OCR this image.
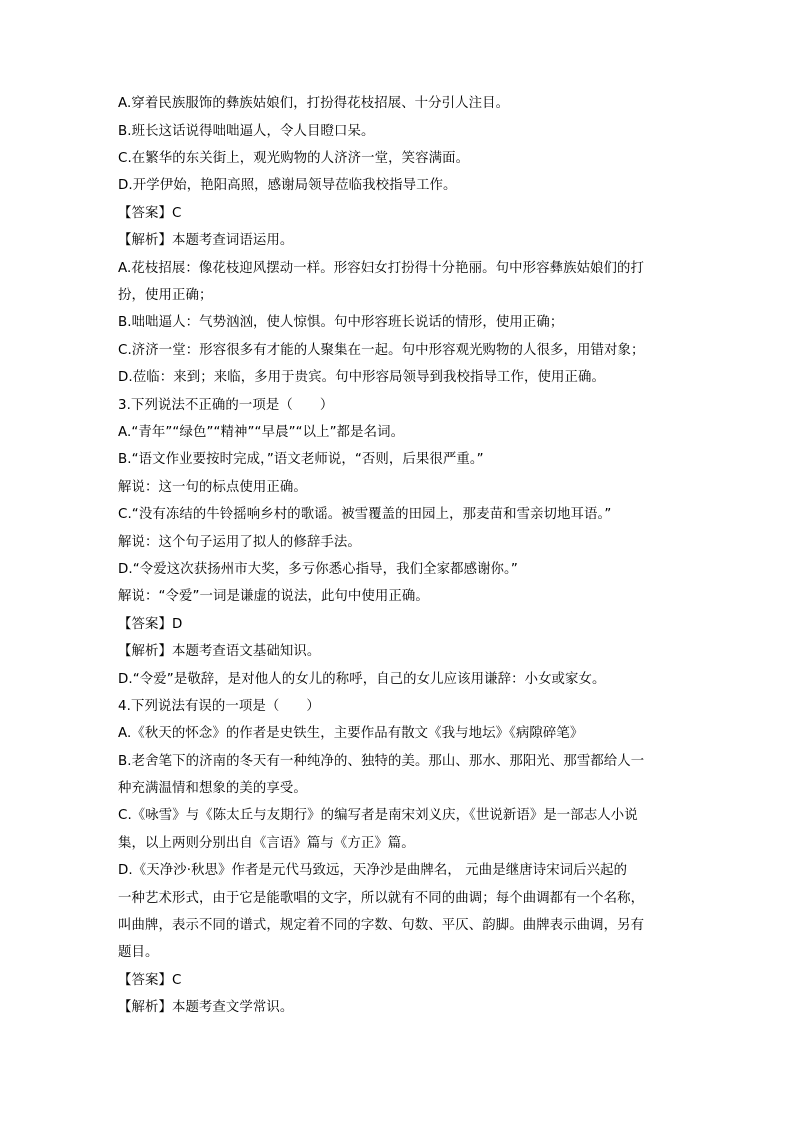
A.穿着民族服饰的彝族姑娘们，打扮得花枝招展、十分引人注目。
B.班长这话说得咄咄逼人，令人目瞪口呆。
C.在繁华的东关街上，观光购物的人济济一堂，笑容满面。
D.开学伊始，艳阳高照，感谢局领导莅临我校指导工作。
【答案】C
【解析】本题考查词语运用。
A.花枝招展：像花枝迎风摆动一样。形容妇女打扮得十分艳丽。句中形容彝族姑娘们的打
扮，使用正确；
B.咄咄逼人：气势汹汹，使人惊惧。句中形容班长说话的情形，使用正确；
C.济济一堂：形容很多有才能的人聚集在一起。句中形容观光购物的人很多，用错对象；
D.莅临：来到；来临，多用于贵宾。句中形容局领导到我校指导工作，使用正确。
3.下列说法不正确的一项是（　　）
A.“青年”“绿色”“精神”“早晨”“以上”都是名词。
B.“语文作业要按时完成，”语文老师说，“否则，后果很严重。”
解说：这一句的标点使用正确。
C.“没有冻结的牛铃摇响乡村的歌谣。被雪覆盖的田园上，那麦苗和雪亲切地耳语。”
解说：这个句子运用了拟人的修辞手法。
D.“令爱这次获扬州市大奖，多亏你悉心指导，我们全家都感谢你。”
解说：“令爱”一词是谦虚的说法，此句中使用正确。
【答案】D
【解析】本题考查语文基础知识。
D.“令爱”是敬辞，是对他人的女儿的称呼，自己的女儿应该用谦辞：小女或家女。
4.下列说法有误的一项是（　　）
A.《秋天的怀念》的作者是史铁生，主要作品有散文《我与地坛》《病隙碎笔》
B.老舍笔下的济南的冬天有一种纯净的、独特的美。那山、那水、那阳光、那雪都给人一
种充满温情和想象的美的享受。
C.《咏雪》与《陈太丘与友期行》的编写者是南宋刘义庆，《世说新语》是一部志人小说
集，以上两则分别出自《言语》篇与《方正》篇。
D.《天净沙·秋思》作者是元代马致远，天净沙是曲牌名， 元曲是继唐诗宋词后兴起的
一种艺术形式，由于它是能歌唱的文字，所以就有不同的曲调；每个曲调都有一个名称，
叫曲牌，表示不同的谱式，规定着不同的字数、句数、平仄、韵脚。曲牌表示曲调，另有
题目。
【答案】C
【解析】本题考查文学常识。
